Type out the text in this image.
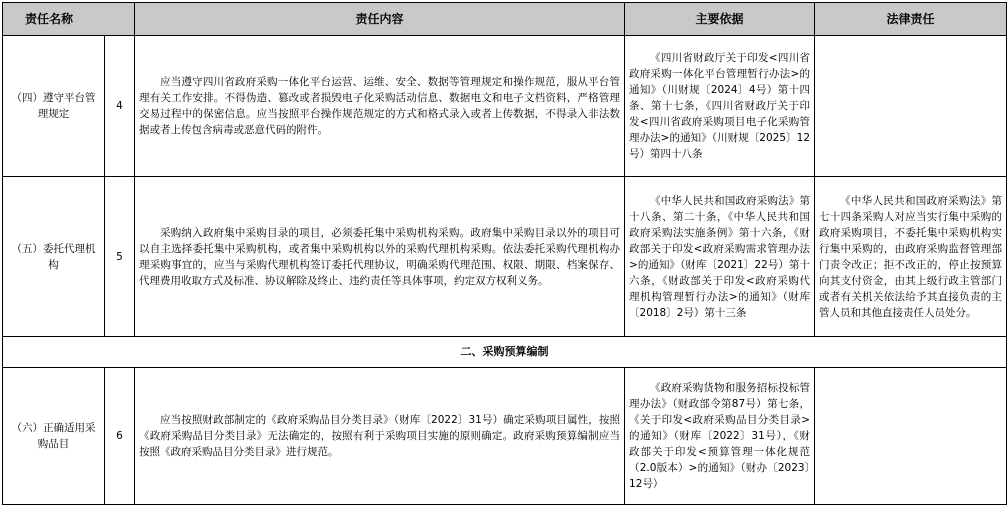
责任名称		责任内容	主要依据	法律责任
（四）遵守平台管理规定	4	应当遵守四川省政府采购一体化平台运营、运维、安全、数据等管理规定和操作规范，服从平台管理有关工作安排。不得伪造、篡改或者损毁电子化采购活动信息、数据电文和电子文档资料，严格管理交易过程中的保密信息。应当按照平台操作规范规定的方式和格式录入或者上传数据，不得录入非法数据或者上传包含病毒或恶意代码的附件。	《四川省财政厅关于印发<四川省政府采购一体化平台管理暂行办法>的通知》（川财规〔2024〕4号）第十四条、第十七条，《四川省财政厅关于印发<四川省政府采购项目电子化采购管理办法>的通知》（川财规〔2025〕12号）第四十八条	
（五）委托代理机构	5	采购纳入政府集中采购目录的项目，必须委托集中采购机构采购。政府集中采购目录以外的项目可以自主选择委托集中采购机构，或者集中采购机构以外的采购代理机构采购。依法委托采购代理机构办理采购事宜的，应当与采购代理机构签订委托代理协议，明确采购代理范围、权限、期限、档案保存、代理费用收取方式及标准、协议解除及终止、违约责任等具体事项，约定双方权利义务。	《中华人民共和国政府采购法》第十八条、第二十条，《中华人民共和国政府采购法实施条例》第十六条，《财政部关于印发<政府采购需求管理办法>的通知》（财库〔2021〕22号）第十六条，《财政部关于印发<政府采购代理机构管理暂行办法>的通知》（财库〔2018〕2号）第十三条	《中华人民共和国政府采购法》第七十四条采购人对应当实行集中采购的政府采购项目，不委托集中采购机构实行集中采购的，由政府采购监督管理部门责令改正；拒不改正的，停止按预算向其支付资金，由其上级行政主管部门或者有关机关依法给予其直接负责的主管人员和其他直接责任人员处分。
二、采购预算编制				
（六）正确适用采购品目	6	应当按照财政部制定的《政府采购品目分类目录》（财库〔2022〕31号）确定采购项目属性，按照《政府采购品目分类目录》无法确定的，按照有利于采购项目实施的原则确定。政府采购预算编制应当按照《政府采购品目分类目录》进行规范。	《政府采购货物和服务招标投标管理办法》（财政部令第87号）第七条，《关于印发<政府采购品目分类目录>的通知》（财库〔2022〕31号），《财政部关于印发<预算管理一体化规范（2.0版本）>的通知》（财办〔2023〕12号）	
